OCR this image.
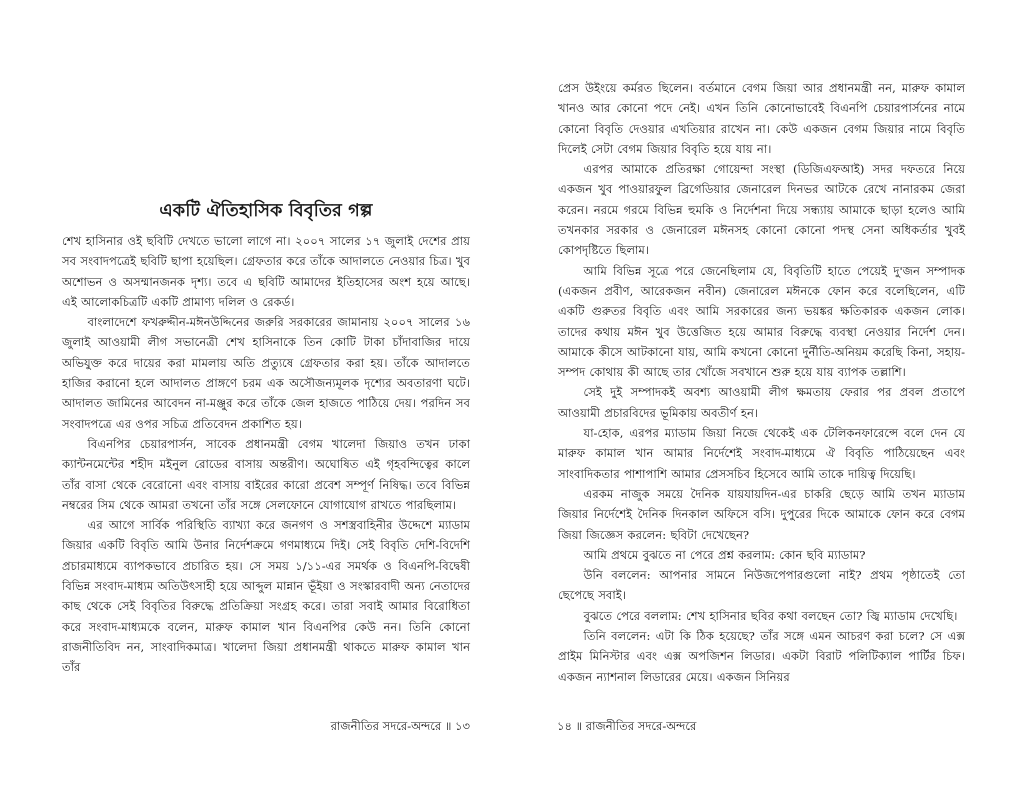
একটি ঐতিহাসিক বিবৃতির গল্প

শেখ হাসিনার ওই ছবিটি দেখতে ভালো লাগে না। ২০০৭ সালের ১৭ জুলাই দেশের প্রায় সব সংবাদপত্রেই ছবিটি ছাপা হয়েছিল। গ্রেফতার করে তাঁকে আদালতে নেওয়ার চিত্র। খুব অশোভন ও অসম্মানজনক দৃশ্য। তবে এ ছবিটি আমাদের ইতিহাসের অংশ হয়ে আছে। এই আলোকচিত্রটি একটি প্রামাণ্য দলিল ও রেকর্ড।

বাংলাদেশে ফখরুদ্দীন-মঈনউদ্দিনের জরুরি সরকারের জামানায় ২০০৭ সালের ১৬ জুলাই আওয়ামী লীগ সভানেত্রী শেখ হাসিনাকে তিন কোটি টাকা চাঁদাবাজির দায়ে অভিযুক্ত করে দায়ের করা মামলায় অতি প্রত্যুষে গ্রেফতার করা হয়। তাঁকে আদালতে হাজির করানো হলে আদালত প্রাঙ্গণে চরম এক অসৌজন্যমূলক দৃশ্যের অবতারণা ঘটে। আদালত জামিনের আবেদন না-মঞ্জুর করে তাঁকে জেল হাজতে পাঠিয়ে দেয়। পরদিন সব সংবাদপত্রে এর ওপর সচিত্র প্রতিবেদন প্রকাশিত হয়।

বিএনপির চেয়ারপার্সন, সাবেক প্রধানমন্ত্রী বেগম খালেদা জিয়াও তখন ঢাকা ক্যান্টনমেন্টের শহীদ মইনুল রোডের বাসায় অন্তরীণ। অঘোষিত এই গৃহবন্দিত্বের কালে তাঁর বাসা থেকে বেরোনো এবং বাসায় বাইরের কারো প্রবেশ সম্পূর্ণ নিষিদ্ধ। তবে বিভিন্ন নম্বরের সিম থেকে আমরা তখনো তাঁর সঙ্গে সেলফোনে যোগাযোগ রাখতে পারছিলাম।

এর আগে সার্বিক পরিস্থিতি ব্যাখ্যা করে জনগণ ও সশস্ত্রবাহিনীর উদ্দেশে ম্যাডাম জিয়ার একটি বিবৃতি আমি উনার নির্দেশক্রমে গণমাধ্যমে দিই। সেই বিবৃতি দেশি-বিদেশি প্রচারমাধ্যমে ব্যাপকভাবে প্রচারিত হয়। সে সময় ১/১১-এর সমর্থক ও বিএনপি-বিদ্বেষী বিভিন্ন সংবাদ-মাধ্যম অতিউৎসাহী হয়ে আব্দুল মান্নান ভূঁইয়া ও সংস্কারবাদী অন্য নেতাদের কাছ থেকে সেই বিবৃতির বিরুদ্ধে প্রতিক্রিয়া সংগ্রহ করে। তারা সবাই আমার বিরোধিতা করে সংবাদ-মাধ্যমকে বলেন, মারুফ কামাল খান বিএনপির কেউ নন। তিনি কোনো রাজনীতিবিদ নন, সাংবাদিকমাত্র। খালেদা জিয়া প্রধানমন্ত্রী থাকতে মারুফ কামাল খান তাঁর

রাজনীতির সদরে-অন্দরে ॥ ১৩

প্রেস উইংয়ে কর্মরত ছিলেন। বর্তমানে বেগম জিয়া আর প্রধানমন্ত্রী নন, মারুফ কামাল খানও আর কোনো পদে নেই। এখন তিনি কোনোভাবেই বিএনপি চেয়ারপার্সনের নামে কোনো বিবৃতি দেওয়ার এখতিয়ার রাখেন না। কেউ একজন বেগম জিয়ার নামে বিবৃতি দিলেই সেটা বেগম জিয়ার বিবৃতি হয়ে যায় না।

এরপর আমাকে প্রতিরক্ষা গোয়েন্দা সংস্থা (ডিজিএফআই) সদর দফতরে নিয়ে একজন খুব পাওয়ারফুল ব্রিগেডিয়ার জেনারেল দিনভর আটকে রেখে নানারকম জেরা করেন। নরমে গরমে বিভিন্ন হুমকি ও নির্দেশনা দিয়ে সন্ধ্যায় আমাকে ছাড়া হলেও আমি তখনকার সরকার ও জেনারেল মঈনসহ কোনো কোনো পদস্থ সেনা অধিকর্তার খুবই কোপদৃষ্টিতে ছিলাম।

আমি বিভিন্ন সূত্রে পরে জেনেছিলাম যে, বিবৃতিটি হাতে পেয়েই দু'জন সম্পাদক (একজন প্রবীণ, আরেকজন নবীন) জেনারেল মঈনকে ফোন করে বলেছিলেন, এটি একটি গুরুতর বিবৃতি এবং আমি সরকারের জন্য ভয়ঙ্কর ক্ষতিকারক একজন লোক। তাদের কথায় মঈন খুব উত্তেজিত হয়ে আমার বিরুদ্ধে ব্যবস্থা নেওয়ার নির্দেশ দেন। আমাকে কীসে আটকানো যায়, আমি কখনো কোনো দুর্নীতি-অনিয়ম করেছি কিনা, সহায়-সম্পদ কোথায় কী আছে তার খোঁজে সবখানে শুরু হয়ে যায় ব্যাপক তল্লাশি।

সেই দুই সম্পাদকই অবশ্য আওয়ামী লীগ ক্ষমতায় ফেরার পর প্রবল প্রতাপে আওয়ামী প্রচারবিদের ভূমিকায় অবতীর্ণ হন।

যা-হোক, এরপর ম্যাডাম জিয়া নিজে থেকেই এক টেলিকনফারেন্সে বলে দেন যে মারুফ কামাল খান আমার নির্দেশেই সংবাদ-মাধ্যমে ঐ বিবৃতি পাঠিয়েছেন এবং সাংবাদিকতার পাশাপাশি আমার প্রেসসচিব হিসেবে আমি তাকে দায়িত্ব দিয়েছি।

এরকম নাজুক সময়ে দৈনিক যায়যায়দিন-এর চাকরি ছেড়ে আমি তখন ম্যাডাম জিয়ার নির্দেশেই দৈনিক দিনকাল অফিসে বসি। দুপুরের দিকে আমাকে ফোন করে বেগম জিয়া জিজ্ঞেস করলেন: ছবিটা দেখেছেন?

আমি প্রথমে বুঝতে না পেরে প্রশ্ন করলাম: কোন ছবি ম্যাডাম?

উনি বললেন: আপনার সামনে নিউজপেপারগুলো নাই? প্রথম পৃষ্ঠাতেই তো ছেপেছে সবাই।

বুঝতে পেরে বললাম: শেখ হাসিনার ছবির কথা বলছেন তো? জ্বি ম্যাডাম দেখেছি।

তিনি বললেন: এটা কি ঠিক হয়েছে? তাঁর সঙ্গে এমন আচরণ করা চলে? সে এক্স প্রাইম মিনিস্টার এবং এক্স অপজিশন লিডার। একটা বিরাট পলিটিক্যাল পার্টির চিফ। একজন ন্যাশনাল লিডারের মেয়ে। একজন সিনিয়র

১৪ ॥ রাজনীতির সদরে-অন্দরে
